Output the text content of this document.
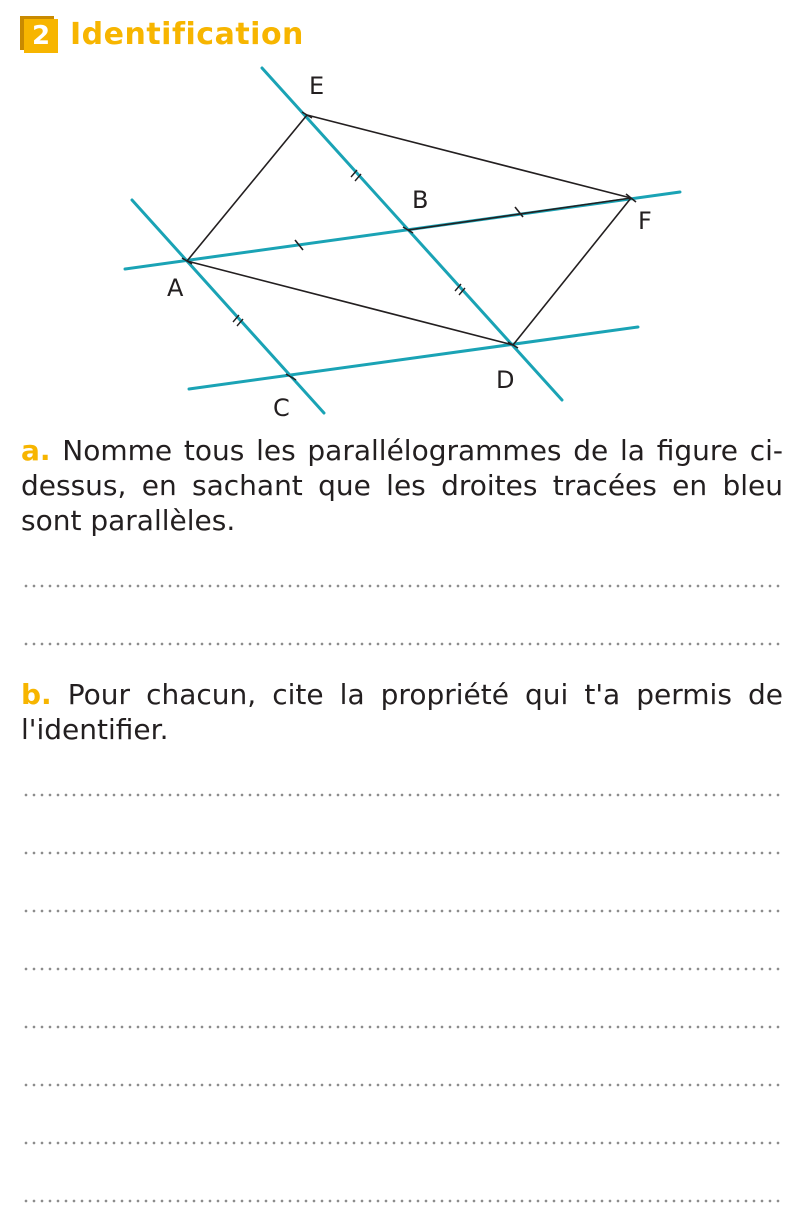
2 Identification
E
B
F
A
D
C
a. Nomme tous les parallélogrammes de la figure ci-dessus, en sachant que les droites tracées en bleu sont parallèles.
b. Pour chacun, cite la propriété qui t'a permis de l'identifier.
